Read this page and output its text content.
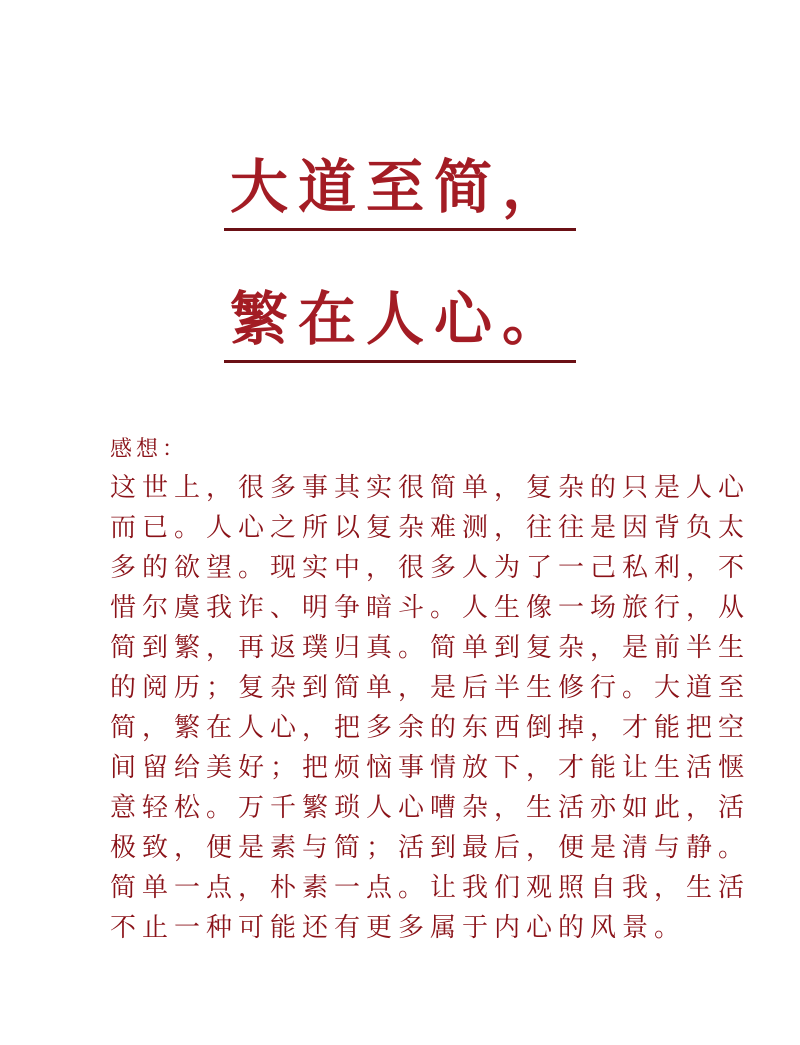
大道至简，
繁在人心。
感想：

这世上，很多事其实很简单，复杂的只是人心而已。人心之所以复杂难测，往往是因背负太多的欲望。现实中，很多人为了一己私利，不惜尔虞我诈、明争暗斗。人生像一场旅行，从简到繁，再返璞归真。简单到复杂，是前半生的阅历；复杂到简单，是后半生修行。大道至简，繁在人心，把多余的东西倒掉，才能把空间留给美好；把烦恼事情放下，才能让生活惬意轻松。万千繁琐人心嘈杂，生活亦如此，活极致，便是素与简；活到最后，便是清与静。简单一点，朴素一点。让我们观照自我，生活不止一种可能还有更多属于内心的风景。
